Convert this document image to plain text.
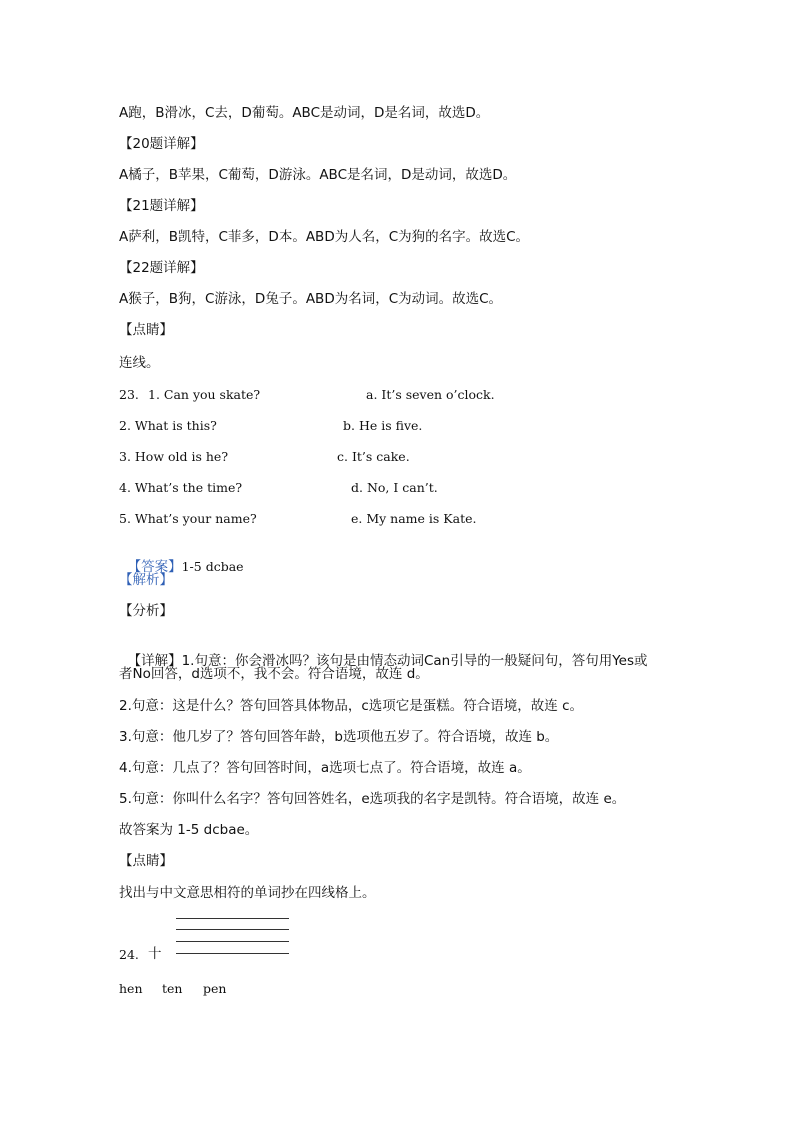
A跑，B滑冰，C去，D葡萄。ABC是动词，D是名词，故选D。
【20题详解】
A橘子，B苹果，C葡萄，D游泳。ABC是名词，D是动词，故选D。
【21题详解】
A萨利，B凯特，C菲多，D本。ABD为人名，C为狗的名字。故选C。
【22题详解】
A猴子，B狗，C游泳，D兔子。ABD为名词，C为动词。故选C。
【点睛】
连线。
23. 1. Can you skate?	a. It’s seven o’clock.
2. What is this?	b. He is five.
3. How old is he?	c. It’s cake.
4. What’s the time?	d. No, I can’t.
5. What’s your name?	e. My name is Kate.

【答案】1-5 dcbae

【解析】
【分析】

【详解】1.句意：你会滑冰吗？该句是由情态动词Can引导的一般疑问句，答句用Yes或

者No回答，d选项不，我不会。符合语境，故连 d。
2.句意：这是什么？答句回答具体物品，c选项它是蛋糕。符合语境，故连 c。
3.句意：他几岁了？答句回答年龄，b选项他五岁了。符合语境，故连 b。
4.句意：几点了？答句回答时间，a选项七点了。符合语境，故连 a。
5.句意：你叫什么名字？答句回答姓名，e选项我的名字是凯特。符合语境，故连 e。
故答案为 1-5 dcbae。
【点睛】
找出与中文意思相符的单词抄在四线格上。
24. 十
hen ten pen
